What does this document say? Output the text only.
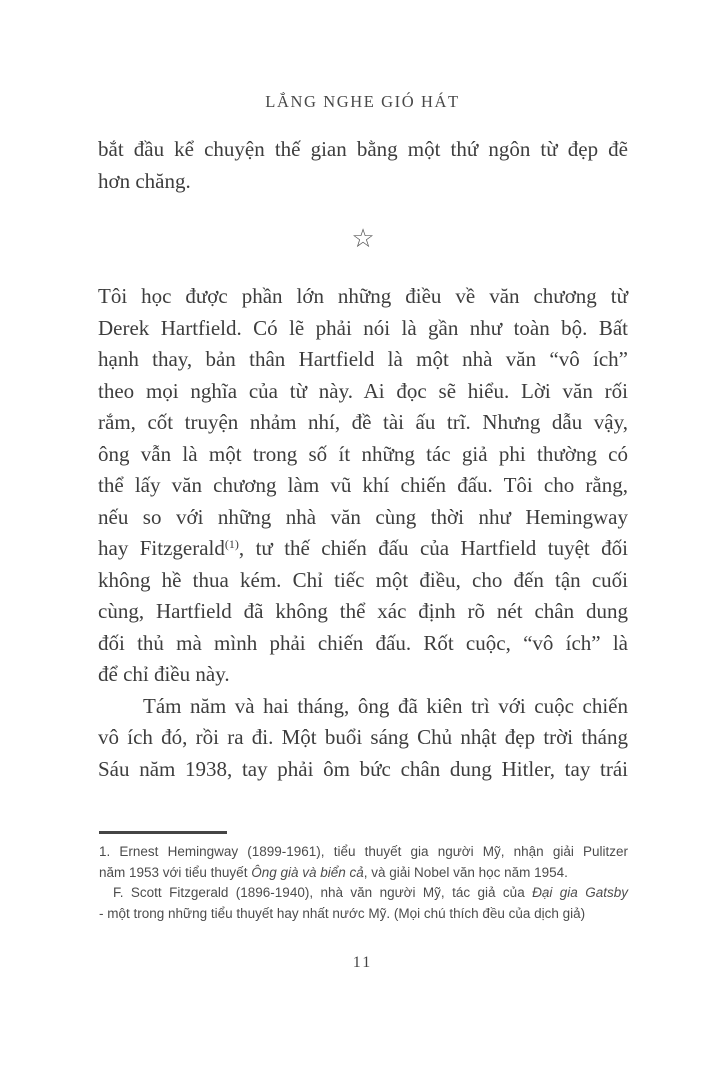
LẮNG NGHE GIÓ HÁT
bắt đầu kể chuyện thế gian bằng một thứ ngôn từ đẹp đẽ
hơn chăng.
☆
Tôi học được phần lớn những điều về văn chương từ
Derek Hartfield. Có lẽ phải nói là gần như toàn bộ. Bất
hạnh thay, bản thân Hartfield là một nhà văn “vô ích”
theo mọi nghĩa của từ này. Ai đọc sẽ hiểu. Lời văn rối
rắm, cốt truyện nhảm nhí, đề tài ấu trĩ. Nhưng dẫu vậy,
ông vẫn là một trong số ít những tác giả phi thường có
thể lấy văn chương làm vũ khí chiến đấu. Tôi cho rằng,
nếu so với những nhà văn cùng thời như Hemingway
hay Fitzgerald$^{(1)}$, tư thế chiến đấu của Hartfield tuyệt đối
không hề thua kém. Chỉ tiếc một điều, cho đến tận cuối
cùng, Hartfield đã không thể xác định rõ nét chân dung
đối thủ mà mình phải chiến đấu. Rốt cuộc, “vô ích” là
để chỉ điều này.
Tám năm và hai tháng, ông đã kiên trì với cuộc chiến
vô ích đó, rồi ra đi. Một buổi sáng Chủ nhật đẹp trời tháng
Sáu năm 1938, tay phải ôm bức chân dung Hitler, tay trái
1. Ernest Hemingway (1899-1961), tiểu thuyết gia người Mỹ, nhận giải Pulitzer
năm 1953 với tiểu thuyết Ông già và biển cả, và giải Nobel văn học năm 1954.
F. Scott Fitzgerald (1896-1940), nhà văn người Mỹ, tác giả của Đại gia Gatsby
- một trong những tiểu thuyết hay nhất nước Mỹ. (Mọi chú thích đều của dịch giả)
11
